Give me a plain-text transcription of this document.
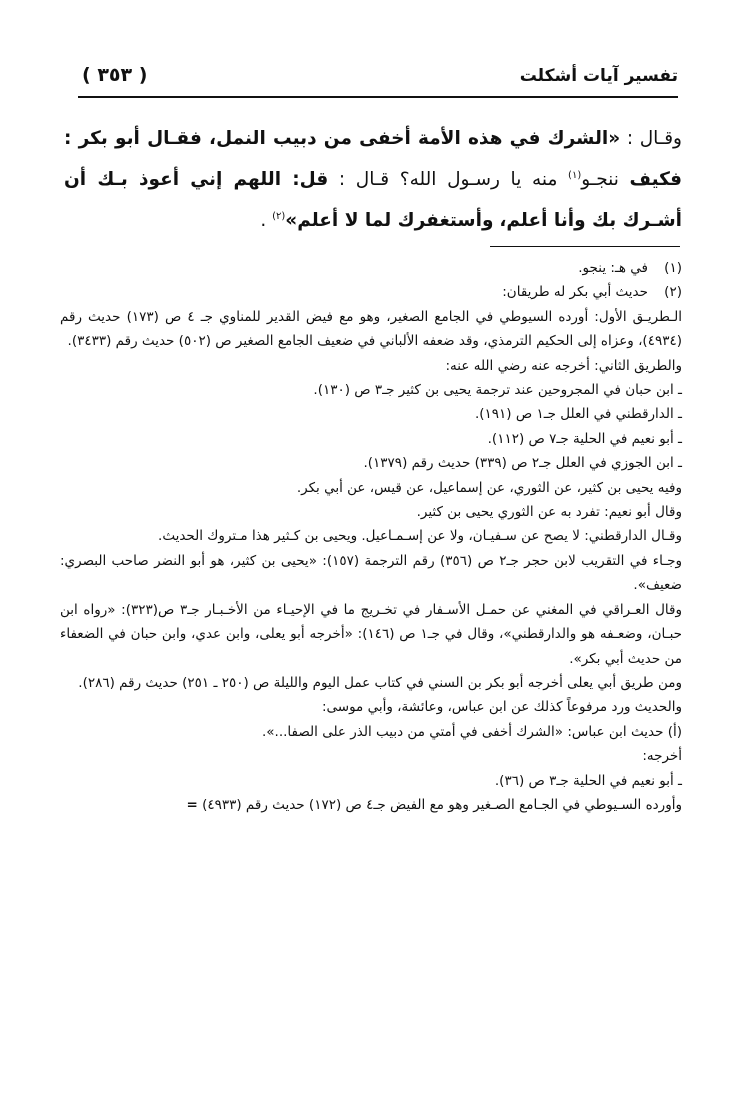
تفسير آيات أشكلت
( ٣٥٣ )
وقـال : «الشرك في هذه الأمة أخفى من دبيب النمل، فقـال أبو بكر : فكيف ننجـو$^{(١)}$ منه يا رسـول الله؟ قـال : قل: اللهم إني أعوذ بـك أن أشـرك بك وأنا أعلم، وأستغفرك لما لا أعلم»$^{(٢)}$ .

(١)
في هـ: ينجو.

(٢)
حديث أبي بكر له طريقان:

الـطريـق الأول: أورده السيوطي في الجامع الصغير، وهو مع فيض القدير للمناوي جـ ٤ ص (١٧٣) حديث رقم (٤٩٣٤)، وعزاه إلى الحكيم الترمذي، وقد ضعفه الألباني في ضعيف الجامع الصغير ص (٥٠٢) حديث رقم (٣٤٣٣).

والطريق الثاني: أخرجه عنه رضي الله عنه:

ـ ابن حبان في المجروحين عند ترجمة يحيى بن كثير جـ٣ ص (١٣٠).

ـ الدارقطني في العلل جـ١ ص (١٩١).

ـ أبو نعيم في الحلية جـ٧ ص (١١٢).

ـ ابن الجوزي في العلل جـ٢ ص (٣٣٩) حديث رقم (١٣٧٩).

وفيه يحيى بن كثير، عن الثوري، عن إسماعيل، عن قيس، عن أبي بكر.

وقال أبو نعيم: تفرد به عن الثوري يحيى بن كثير.

وقـال الدارقطني: لا يصح عن سـفيـان، ولا عن إسـمـاعيل. ويحيى بن كـثير هذا مـتروك الحديث.

وجـاء في التقريب لابن حجر جـ٢ ص (٣٥٦) رقم الترجمة (١٥٧): «يحيى بن كثير، هو أبو النضر صاحب البصري: ضعيف».

وقال العـراقي في المغني عن حمـل الأسـفار في تخـريج ما في الإحيـاء من الأخـبـار جـ٣ ص(٣٢٣): «رواه ابن حبـان، وضعـفه هو والدارقطني»، وقال في جـ١ ص (١٤٦): «أخرجه أبو يعلى، وابن عدي، وابن حبان في الضعفاء من حديث أبي بكر».

ومن طريق أبي يعلى أخرجه أبو بكر بن السني في كتاب عمل اليوم والليلة ص (٢٥٠ ـ ٢٥١) حديث رقم (٢٨٦).

والحديث ورد مرفوعاً كذلك عن ابن عباس، وعائشة، وأبي موسى:

(أ) حديث ابن عباس: «الشرك أخفى في أمتي من دبيب الذر على الصفا...».

أخرجه:

ـ أبو نعيم في الحلية جـ٣ ص (٣٦).

وأورده السـيوطي في الجـامع الصـغير وهو مع الفيض جـ٤ ص (١٧٢) حديث رقم (٤٩٣٣) =
